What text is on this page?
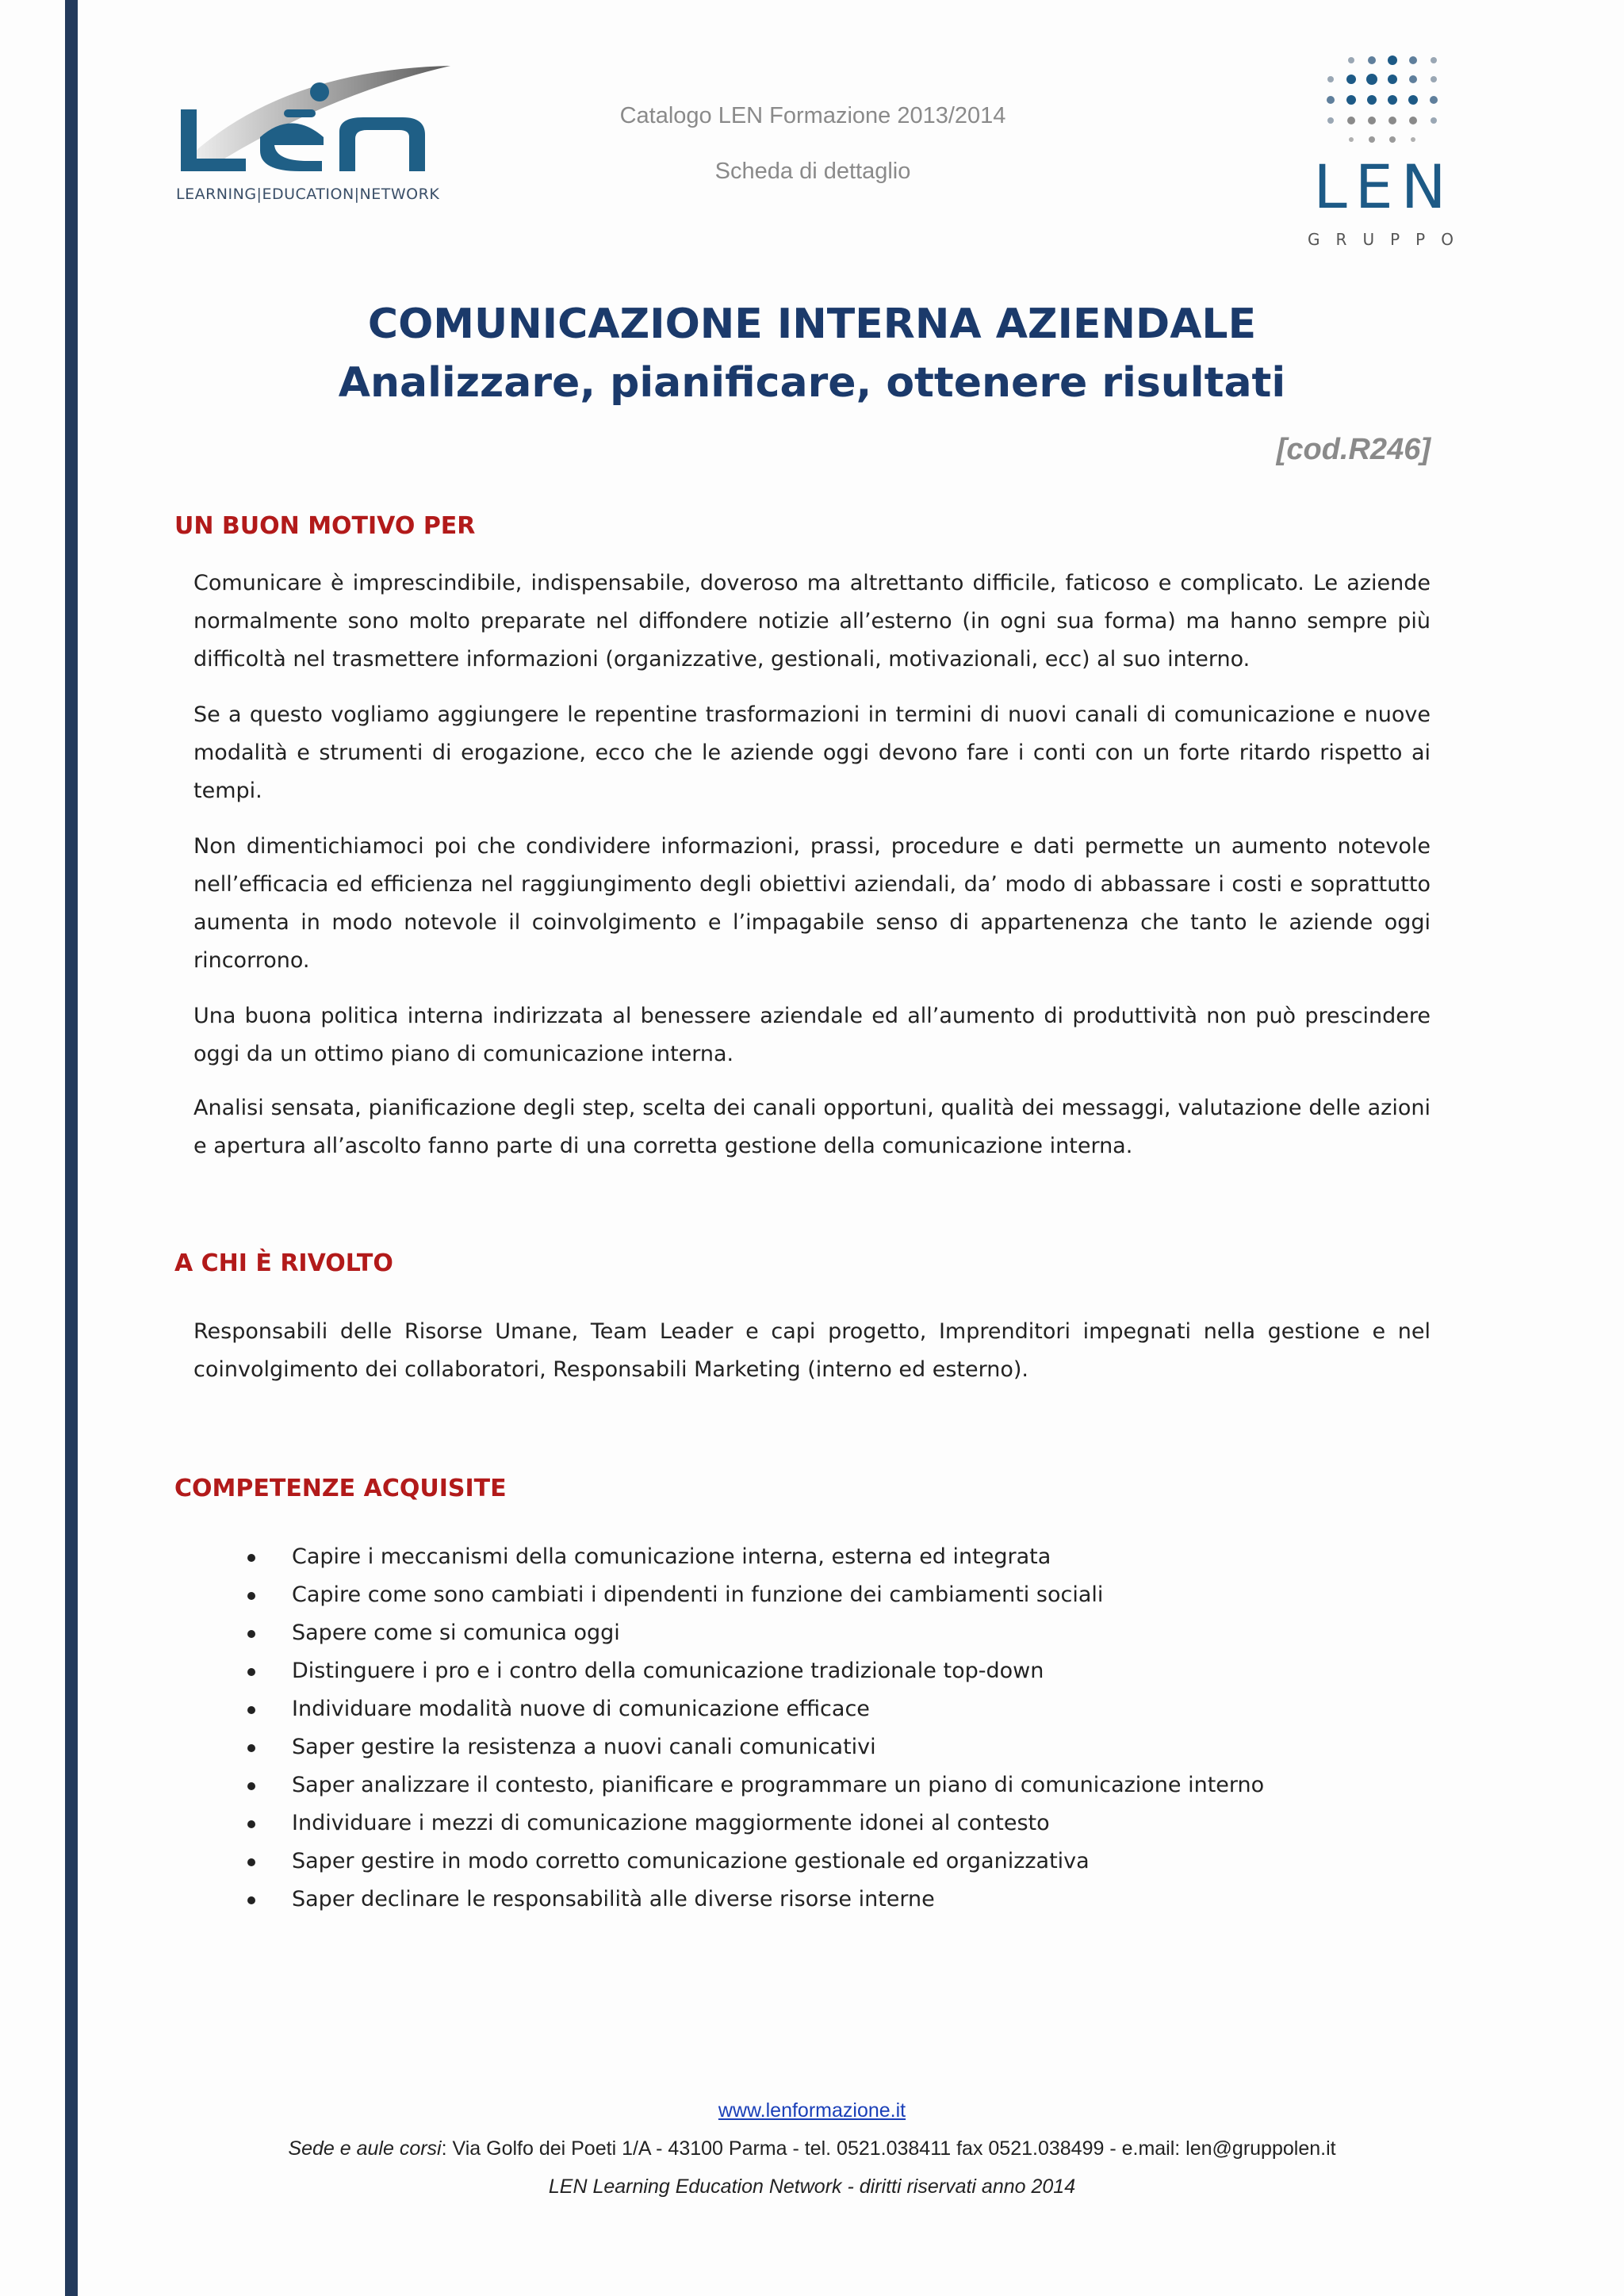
LEARNING|EDUCATION|NETWORK
Catalogo LEN Formazione 2013/2014
Scheda di dettaglio	LEN
GRUPPO
COMUNICAZIONE INTERNA AZIENDALE
Analizzare, pianificare, ottenere risultati
[cod.R246]
UN BUON MOTIVO PER

Comunicare è imprescindibile, indispensabile, doveroso ma altrettanto difficile, faticoso e complicato. Le aziende normalmente sono molto preparate nel diffondere notizie all’esterno (in ogni sua forma) ma hanno sempre più difficoltà nel trasmettere informazioni (organizzative, gestionali, motivazionali, ecc) al suo interno.

Se a questo vogliamo aggiungere le repentine trasformazioni in termini di nuovi canali di comunicazione e nuove modalità e strumenti di erogazione, ecco che le aziende oggi devono fare i conti con un forte ritardo rispetto ai tempi.

Non dimentichiamoci poi che condividere informazioni, prassi, procedure e dati permette un aumento notevole nell’efficacia ed efficienza nel raggiungimento degli obiettivi aziendali, da’ modo di abbassare i costi e soprattutto aumenta in modo notevole il coinvolgimento e l’impagabile senso di appartenenza che tanto le aziende oggi rincorrono.

Una buona politica interna indirizzata al benessere aziendale ed all’aumento di produttività non può prescindere oggi da un ottimo piano di comunicazione interna.

Analisi sensata, pianificazione degli step, scelta dei canali opportuni, qualità dei messaggi, valutazione delle azioni e apertura all’ascolto fanno parte di una corretta gestione della comunicazione interna.

A CHI È RIVOLTO

Responsabili delle Risorse Umane, Team Leader e capi progetto, Imprenditori impegnati nella gestione e nel coinvolgimento dei collaboratori, Responsabili Marketing (interno ed esterno).

COMPETENZE ACQUISITE
Capire i meccanismi della comunicazione interna, esterna ed integrata
Capire come sono cambiati i dipendenti in funzione dei cambiamenti sociali
Sapere come si comunica oggi
Distinguere i pro e i contro della comunicazione tradizionale top-down
Individuare modalità nuove di comunicazione efficace
Saper gestire la resistenza a nuovi canali comunicativi
Saper analizzare il contesto, pianificare e programmare un piano di comunicazione interno
Individuare i mezzi di comunicazione maggiormente idonei al contesto
Saper gestire in modo corretto comunicazione gestionale ed organizzativa
Saper declinare le responsabilità alle diverse risorse interne
www.lenformazione.it
Sede e aule corsi: Via Golfo dei Poeti 1/A - 43100 Parma - tel. 0521.038411 fax 0521.038499 - e.mail: len@gruppolen.it
LEN Learning Education Network - diritti riservati anno 2014
